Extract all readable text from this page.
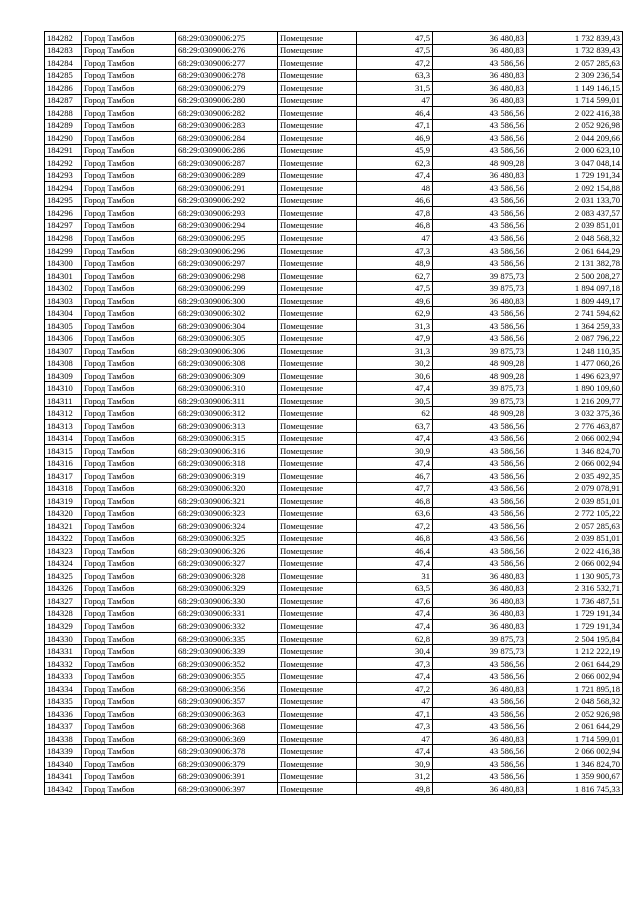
184282	Город Тамбов	68:29:0309006:275	Помещение	47,5	36 480,83	1 732 839,43
184283	Город Тамбов	68:29:0309006:276	Помещение	47,5	36 480,83	1 732 839,43
184284	Город Тамбов	68:29:0309006:277	Помещение	47,2	43 586,56	2 057 285,63
184285	Город Тамбов	68:29:0309006:278	Помещение	63,3	36 480,83	2 309 236,54
184286	Город Тамбов	68:29:0309006:279	Помещение	31,5	36 480,83	1 149 146,15
184287	Город Тамбов	68:29:0309006:280	Помещение	47	36 480,83	1 714 599,01
184288	Город Тамбов	68:29:0309006:282	Помещение	46,4	43 586,56	2 022 416,38
184289	Город Тамбов	68:29:0309006:283	Помещение	47,1	43 586,56	2 052 926,98
184290	Город Тамбов	68:29:0309006:284	Помещение	46,9	43 586,56	2 044 209,66
184291	Город Тамбов	68:29:0309006:286	Помещение	45,9	43 586,56	2 000 623,10
184292	Город Тамбов	68:29:0309006:287	Помещение	62,3	48 909,28	3 047 048,14
184293	Город Тамбов	68:29:0309006:289	Помещение	47,4	36 480,83	1 729 191,34
184294	Город Тамбов	68:29:0309006:291	Помещение	48	43 586,56	2 092 154,88
184295	Город Тамбов	68:29:0309006:292	Помещение	46,6	43 586,56	2 031 133,70
184296	Город Тамбов	68:29:0309006:293	Помещение	47,8	43 586,56	2 083 437,57
184297	Город Тамбов	68:29:0309006:294	Помещение	46,8	43 586,56	2 039 851,01
184298	Город Тамбов	68:29:0309006:295	Помещение	47	43 586,56	2 048 568,32
184299	Город Тамбов	68:29:0309006:296	Помещение	47,3	43 586,56	2 061 644,29
184300	Город Тамбов	68:29:0309006:297	Помещение	48,9	43 586,56	2 131 382,78
184301	Город Тамбов	68:29:0309006:298	Помещение	62,7	39 875,73	2 500 208,27
184302	Город Тамбов	68:29:0309006:299	Помещение	47,5	39 875,73	1 894 097,18
184303	Город Тамбов	68:29:0309006:300	Помещение	49,6	36 480,83	1 809 449,17
184304	Город Тамбов	68:29:0309006:302	Помещение	62,9	43 586,56	2 741 594,62
184305	Город Тамбов	68:29:0309006:304	Помещение	31,3	43 586,56	1 364 259,33
184306	Город Тамбов	68:29:0309006:305	Помещение	47,9	43 586,56	2 087 796,22
184307	Город Тамбов	68:29:0309006:306	Помещение	31,3	39 875,73	1 248 110,35
184308	Город Тамбов	68:29:0309006:308	Помещение	30,2	48 909,28	1 477 060,26
184309	Город Тамбов	68:29:0309006:309	Помещение	30,6	48 909,28	1 496 623,97
184310	Город Тамбов	68:29:0309006:310	Помещение	47,4	39 875,73	1 890 109,60
184311	Город Тамбов	68:29:0309006:311	Помещение	30,5	39 875,73	1 216 209,77
184312	Город Тамбов	68:29:0309006:312	Помещение	62	48 909,28	3 032 375,36
184313	Город Тамбов	68:29:0309006:313	Помещение	63,7	43 586,56	2 776 463,87
184314	Город Тамбов	68:29:0309006:315	Помещение	47,4	43 586,56	2 066 002,94
184315	Город Тамбов	68:29:0309006:316	Помещение	30,9	43 586,56	1 346 824,70
184316	Город Тамбов	68:29:0309006:318	Помещение	47,4	43 586,56	2 066 002,94
184317	Город Тамбов	68:29:0309006:319	Помещение	46,7	43 586,56	2 035 492,35
184318	Город Тамбов	68:29:0309006:320	Помещение	47,7	43 586,56	2 079 078,91
184319	Город Тамбов	68:29:0309006:321	Помещение	46,8	43 586,56	2 039 851,01
184320	Город Тамбов	68:29:0309006:323	Помещение	63,6	43 586,56	2 772 105,22
184321	Город Тамбов	68:29:0309006:324	Помещение	47,2	43 586,56	2 057 285,63
184322	Город Тамбов	68:29:0309006:325	Помещение	46,8	43 586,56	2 039 851,01
184323	Город Тамбов	68:29:0309006:326	Помещение	46,4	43 586,56	2 022 416,38
184324	Город Тамбов	68:29:0309006:327	Помещение	47,4	43 586,56	2 066 002,94
184325	Город Тамбов	68:29:0309006:328	Помещение	31	36 480,83	1 130 905,73
184326	Город Тамбов	68:29:0309006:329	Помещение	63,5	36 480,83	2 316 532,71
184327	Город Тамбов	68:29:0309006:330	Помещение	47,6	36 480,83	1 736 487,51
184328	Город Тамбов	68:29:0309006:331	Помещение	47,4	36 480,83	1 729 191,34
184329	Город Тамбов	68:29:0309006:332	Помещение	47,4	36 480,83	1 729 191,34
184330	Город Тамбов	68:29:0309006:335	Помещение	62,8	39 875,73	2 504 195,84
184331	Город Тамбов	68:29:0309006:339	Помещение	30,4	39 875,73	1 212 222,19
184332	Город Тамбов	68:29:0309006:352	Помещение	47,3	43 586,56	2 061 644,29
184333	Город Тамбов	68:29:0309006:355	Помещение	47,4	43 586,56	2 066 002,94
184334	Город Тамбов	68:29:0309006:356	Помещение	47,2	36 480,83	1 721 895,18
184335	Город Тамбов	68:29:0309006:357	Помещение	47	43 586,56	2 048 568,32
184336	Город Тамбов	68:29:0309006:363	Помещение	47,1	43 586,56	2 052 926,98
184337	Город Тамбов	68:29:0309006:368	Помещение	47,3	43 586,56	2 061 644,29
184338	Город Тамбов	68:29:0309006:369	Помещение	47	36 480,83	1 714 599,01
184339	Город Тамбов	68:29:0309006:378	Помещение	47,4	43 586,56	2 066 002,94
184340	Город Тамбов	68:29:0309006:379	Помещение	30,9	43 586,56	1 346 824,70
184341	Город Тамбов	68:29:0309006:391	Помещение	31,2	43 586,56	1 359 900,67
184342	Город Тамбов	68:29:0309006:397	Помещение	49,8	36 480,83	1 816 745,33
